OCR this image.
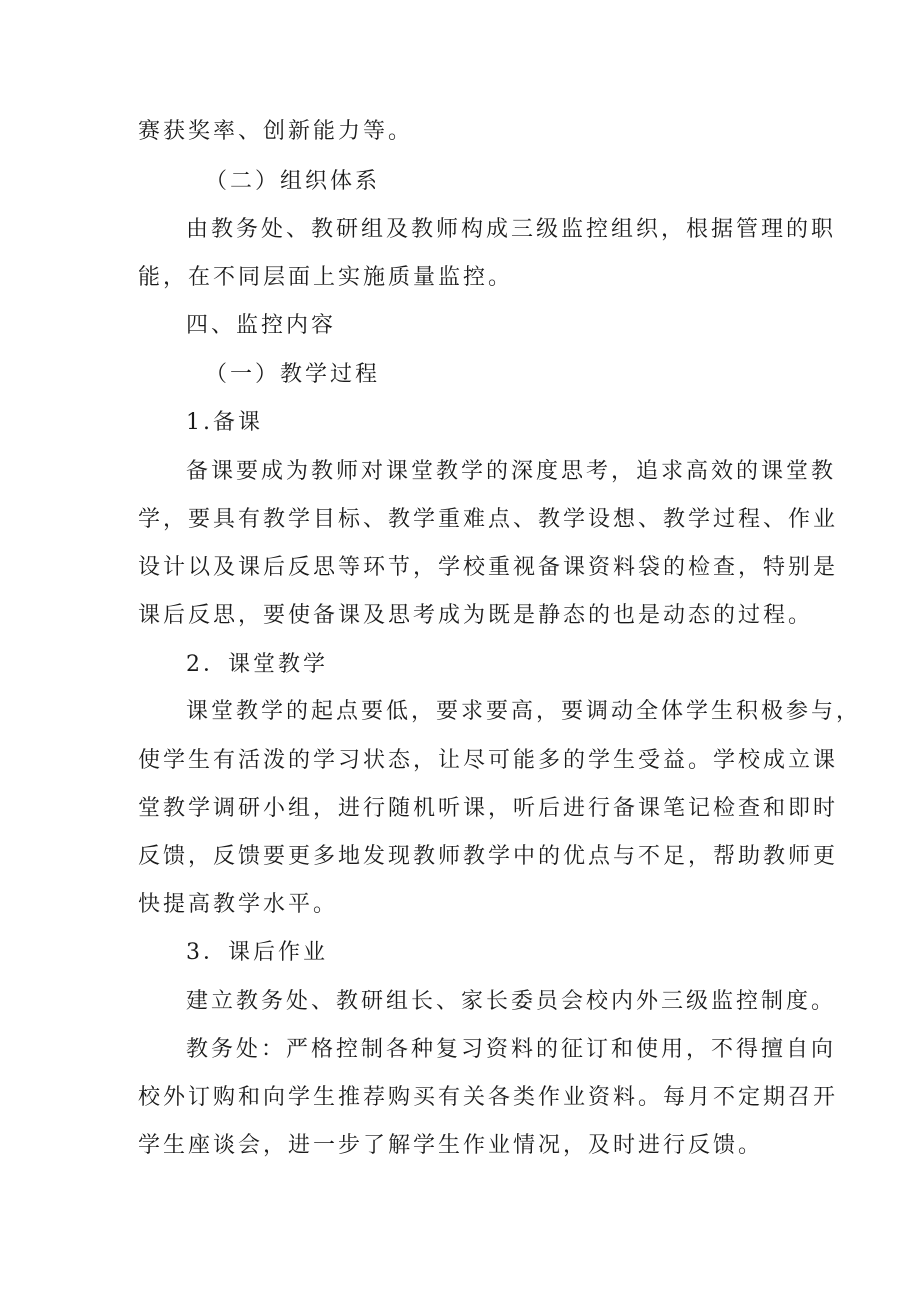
赛获奖率、创新能力等。

（二）组织体系

由教务处、教研组及教师构成三级监控组织，根据管理的职

能，在不同层面上实施质量监控。

四、监控内容

（一）教学过程

1.备课

备课要成为教师对课堂教学的深度思考，追求高效的课堂教

学，要具有教学目标、教学重难点、教学设想、教学过程、作业

设计以及课后反思等环节，学校重视备课资料袋的检查，特别是

课后反思，要使备课及思考成为既是静态的也是动态的过程。

2．课堂教学

课堂教学的起点要低，要求要高，要调动全体学生积极参与，

使学生有活泼的学习状态，让尽可能多的学生受益。学校成立课

堂教学调研小组，进行随机听课，听后进行备课笔记检查和即时

反馈，反馈要更多地发现教师教学中的优点与不足，帮助教师更

快提高教学水平。

3．课后作业

建立教务处、教研组长、家长委员会校内外三级监控制度。

教务处：严格控制各种复习资料的征订和使用，不得擅自向

校外订购和向学生推荐购买有关各类作业资料。每月不定期召开

学生座谈会，进一步了解学生作业情况，及时进行反馈。
